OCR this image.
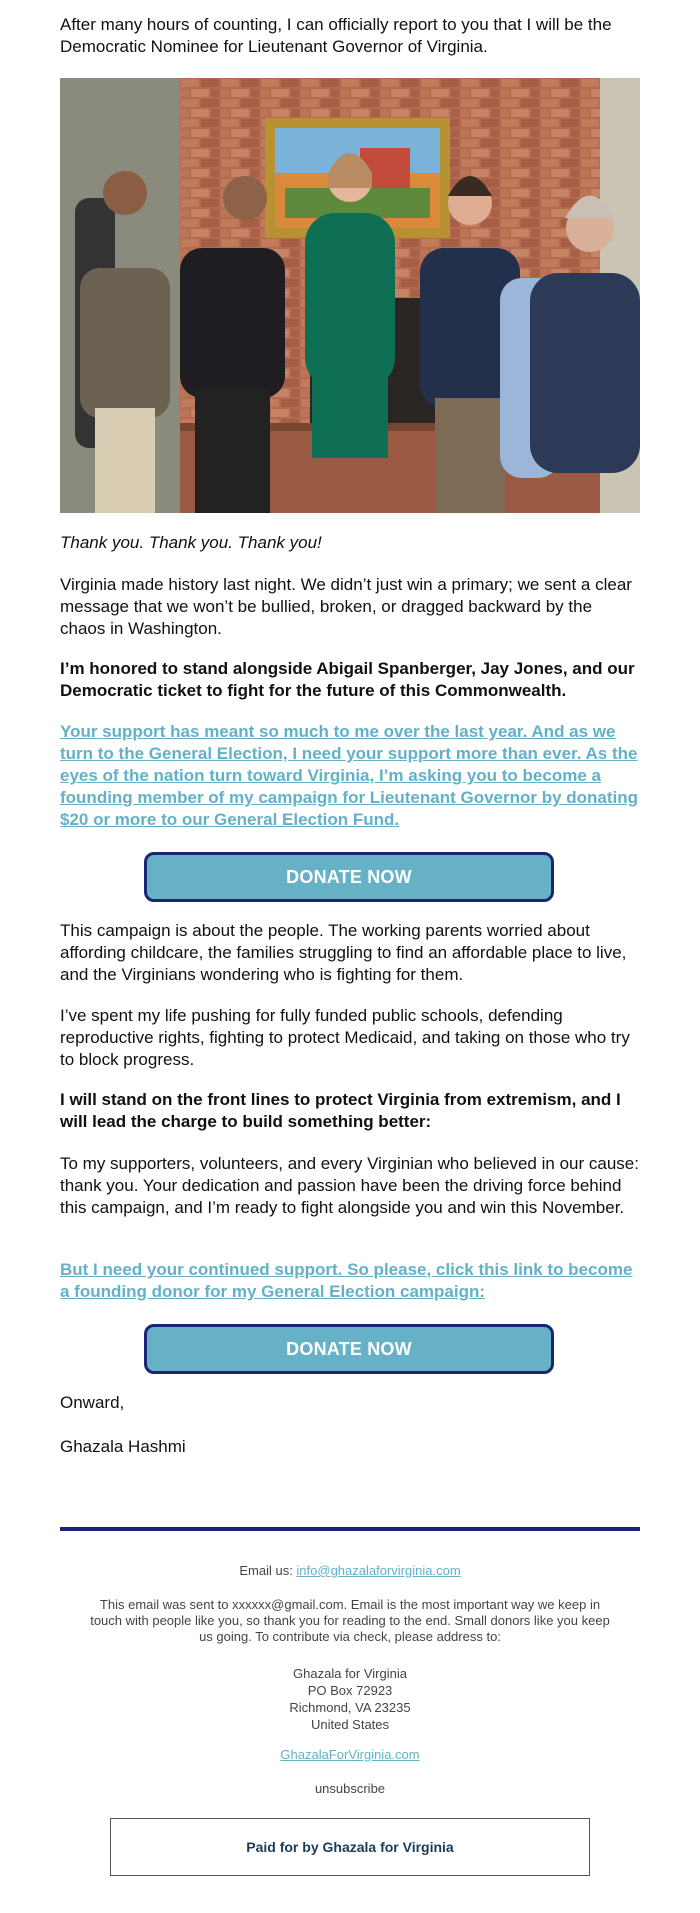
After many hours of counting, I can officially report to you that I will be the Democratic Nominee for Lieutenant Governor of Virginia.

Thank you. Thank you. Thank you!

Virginia made history last night. We didn’t just win a primary; we sent a clear message that we won’t be bullied, broken, or dragged backward by the chaos in Washington.

I’m honored to stand alongside Abigail Spanberger, Jay Jones, and our Democratic ticket to fight for the future of this Commonwealth.

Your support has meant so much to me over the last year. And as we turn to the General Election, I need your support more than ever. As the eyes of the nation turn toward Virginia, I’m asking you to become a founding member of my campaign for Lieutenant Governor by donating $20 or more to our General Election Fund.
DONATE NOW

This campaign is about the people. The working parents worried about affording childcare, the families struggling to find an affordable place to live, and the Virginians wondering who is fighting for them.

I’ve spent my life pushing for fully funded public schools, defending reproductive rights, fighting to protect Medicaid, and taking on those who try to block progress.

I will stand on the front lines to protect Virginia from extremism, and I will lead the charge to build something better:

To my supporters, volunteers, and every Virginian who believed in our cause: thank you. Your dedication and passion have been the driving force behind this campaign, and I’m ready to fight alongside you and win this November.

But I need your continued support. So please, click this link to become a founding donor for my General Election campaign:
DONATE NOW

Onward,

Ghazala Hashmi

Email us: info@ghazalaforvirginia.com
This email was sent to xxxxxx@gmail.com. Email is the most important way we keep in touch with people like you, so thank you for reading to the end. Small donors like you keep us going. To contribute via check, please address to:
Ghazala for Virginia
PO Box 72923
Richmond, VA 23235
United States
GhazalaForVirginia.com
unsubscribe
Paid for by Ghazala for Virginia
